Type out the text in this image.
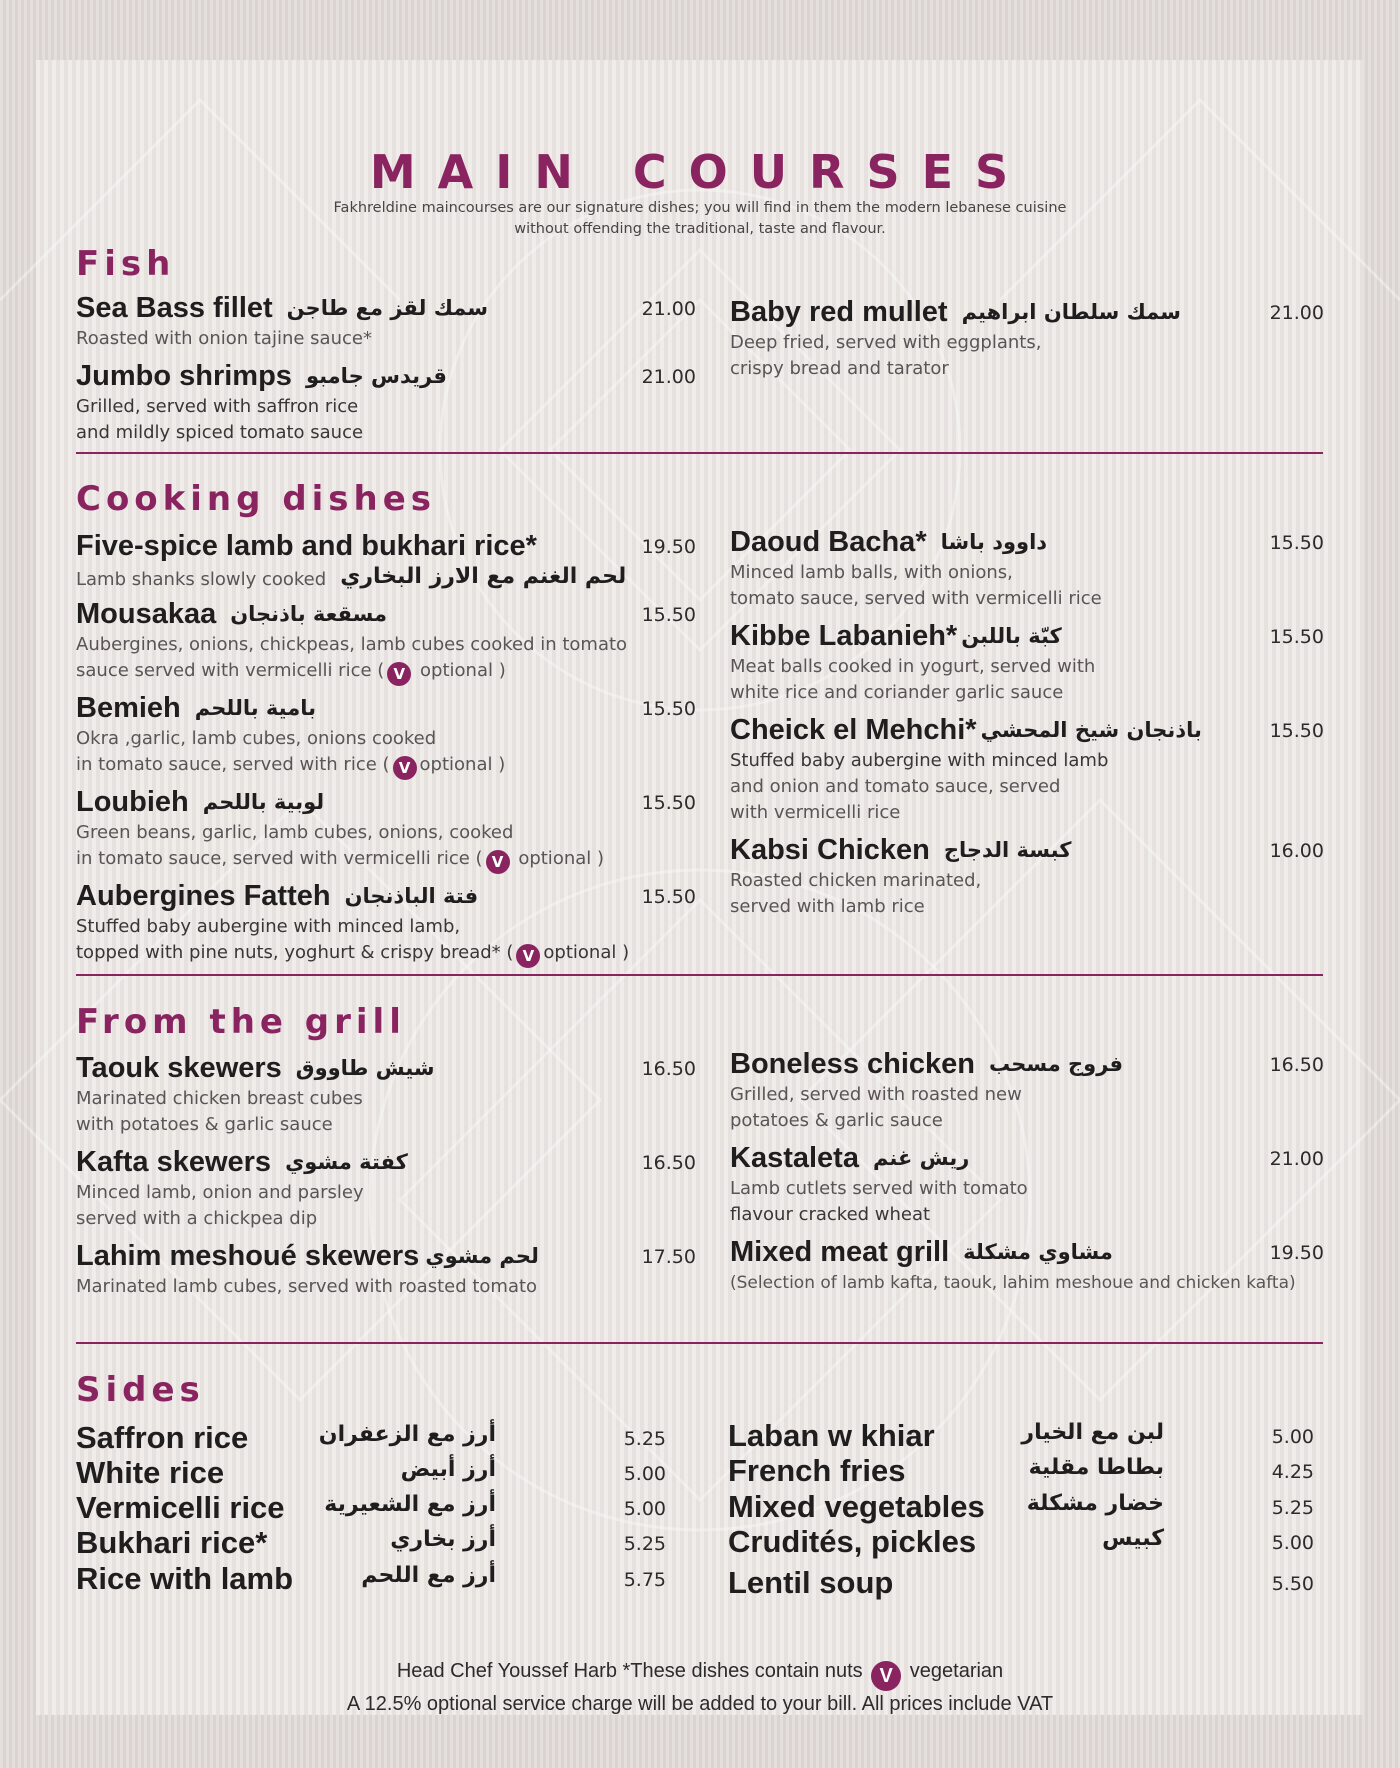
MAIN COURSES
Fakhreldine maincourses are our signature dishes; you will find in them the modern lebanese cuisine
without offending the traditional, taste and flavour.
Fish
Sea Bass fillet سمك لقز مع طاجن	21.00
Roasted with onion tajine sauce*
Jumbo shrimps قريدس جامبو	21.00
Grilled, served with saffron rice
and mildly spiced tomato sauce
Baby red mullet سمك سلطان ابراهيم	21.00
Deep fried, served with eggplants,
crispy bread and tarator
Cooking dishes
Five-spice lamb and bukhari rice*	19.50
Lamb shanks slowly cooked لحم الغنم مع الارز البخاري
Mousakaa مسقعة باذنجان	15.50
Aubergines, onions, chickpeas, lamb cubes cooked in tomato
sauce served with vermicelli rice ( V optional )
Bemieh بامية باللحم	15.50
Okra ,garlic, lamb cubes, onions cooked
in tomato sauce, served with rice ( V optional )
Loubieh لوبية باللحم	15.50
Green beans, garlic, lamb cubes, onions, cooked
in tomato sauce, served with vermicelli rice ( V optional )
Aubergines Fatteh فتة الباذنجان	15.50
Stuffed baby aubergine with minced lamb,
topped with pine nuts, yoghurt & crispy bread* ( V optional )
Daoud Bacha* داوود باشا	15.50
Minced lamb balls, with onions,
tomato sauce, served with vermicelli rice
Kibbe Labanieh* كبّة باللبن	15.50
Meat balls cooked in yogurt, served with
white rice and coriander garlic sauce
Cheick el Mehchi* باذنجان شيخ المحشي	15.50
Stuffed baby aubergine with minced lamb
and onion and tomato sauce, served
with vermicelli rice
Kabsi Chicken كبسة الدجاج	16.00
Roasted chicken marinated,
served with lamb rice
From the grill
Taouk skewers شيش طاووق	16.50
Marinated chicken breast cubes
with potatoes & garlic sauce
Kafta skewers كفتة مشوي	16.50
Minced lamb, onion and parsley
served with a chickpea dip
Lahim meshoué skewers لحم مشوي	17.50
Marinated lamb cubes, served with roasted tomato
Boneless chicken فروج مسحب	16.50
Grilled, served with roasted new
potatoes & garlic sauce
Kastaleta ريش غنم	21.00
Lamb cutlets served with tomato
flavour cracked wheat
Mixed meat grill مشاوي مشكلة	19.50
(Selection of lamb kafta, taouk, lahim meshoue and chicken kafta)
Sides
Saffron rice	أرز مع الزعفران	5.25
White rice	أرز أبيض	5.00
Vermicelli rice أرز مع الشعيرية	5.00
Bukhari rice*	أرز بخاري	5.25
Rice with lamb	أرز مع اللحم	5.75
Laban w khiar	لبن مع الخيار	5.00
French fries	بطاطا مقلية	4.25
Mixed vegetables خضار مشكلة	5.25
Crudités, pickles	كبيس	5.00
Lentil soup	5.50
Head Chef Youssef Harb *These dishes contain nuts V vegetarian
A 12.5% optional service charge will be added to your bill. All prices include VAT
